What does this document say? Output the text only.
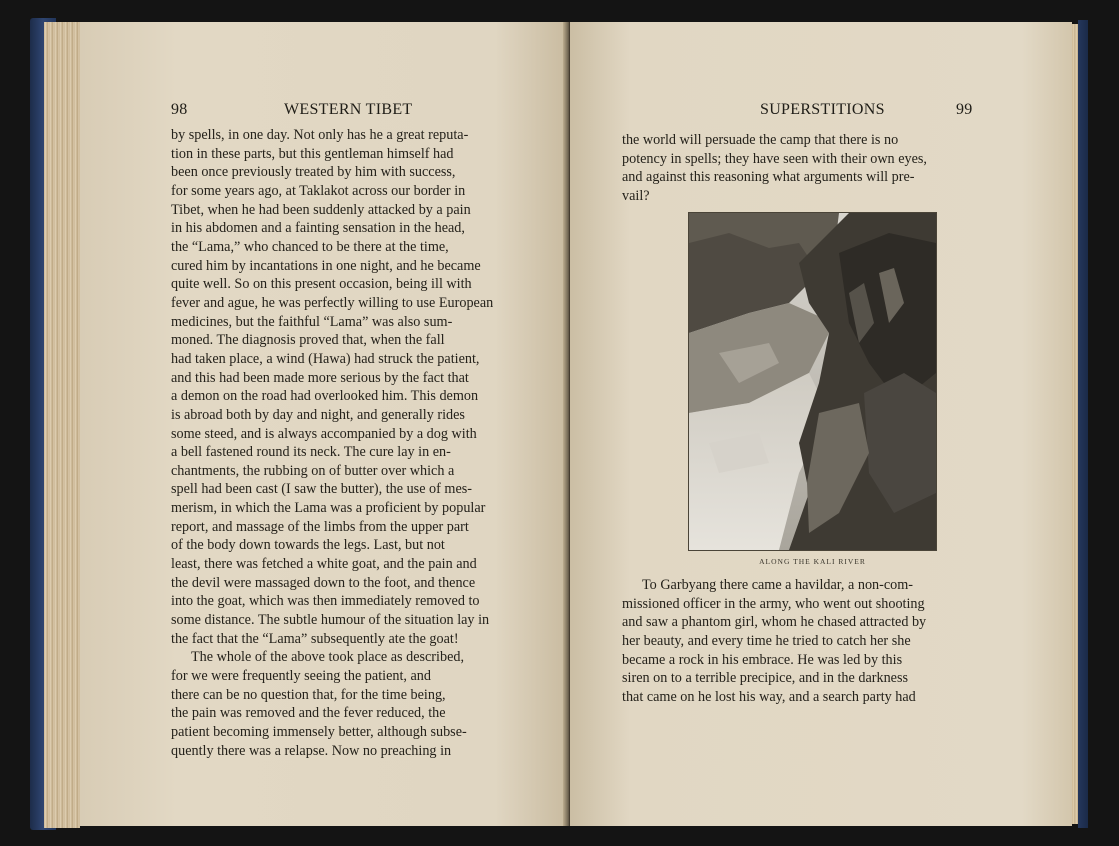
98	WESTERN TIBET
by spells, in one day. Not only has he a great reputa-
tion in these parts, but this gentleman himself had
been once previously treated by him with success,
for some years ago, at Taklakot across our border in
Tibet, when he had been suddenly attacked by a pain
in his abdomen and a fainting sensation in the head,
the “Lama,” who chanced to be there at the time,
cured him by incantations in one night, and he became
quite well. So on this present occasion, being ill with
fever and ague, he was perfectly willing to use European
medicines, but the faithful “Lama” was also sum-
moned. The diagnosis proved that, when the fall
had taken place, a wind (Hawa) had struck the patient,
and this had been made more serious by the fact that
a demon on the road had overlooked him. This demon
is abroad both by day and night, and generally rides
some steed, and is always accompanied by a dog with
a bell fastened round its neck. The cure lay in en-
chantments, the rubbing on of butter over which a
spell had been cast (I saw the butter), the use of mes-
merism, in which the Lama was a proficient by popular
report, and massage of the limbs from the upper part
of the body down towards the legs. Last, but not
least, there was fetched a white goat, and the pain and
the devil were massaged down to the foot, and thence
into the goat, which was then immediately removed to
some distance. The subtle humour of the situation lay in
the fact that the “Lama” subsequently ate the goat!
The whole of the above took place as described,
for we were frequently seeing the patient, and
there can be no question that, for the time being,
the pain was removed and the fever reduced, the
patient becoming immensely better, although subse-
quently there was a relapse. Now no preaching in
SUPERSTITIONS	99
the world will persuade the camp that there is no
potency in spells; they have seen with their own eyes,
and against this reasoning what arguments will pre-
vail?
ALONG THE KALI RIVER
To Garbyang there came a havildar, a non-com-
missioned officer in the army, who went out shooting
and saw a phantom girl, whom he chased attracted by
her beauty, and every time he tried to catch her she
became a rock in his embrace. He was led by this
siren on to a terrible precipice, and in the darkness
that came on he lost his way, and a search party had
